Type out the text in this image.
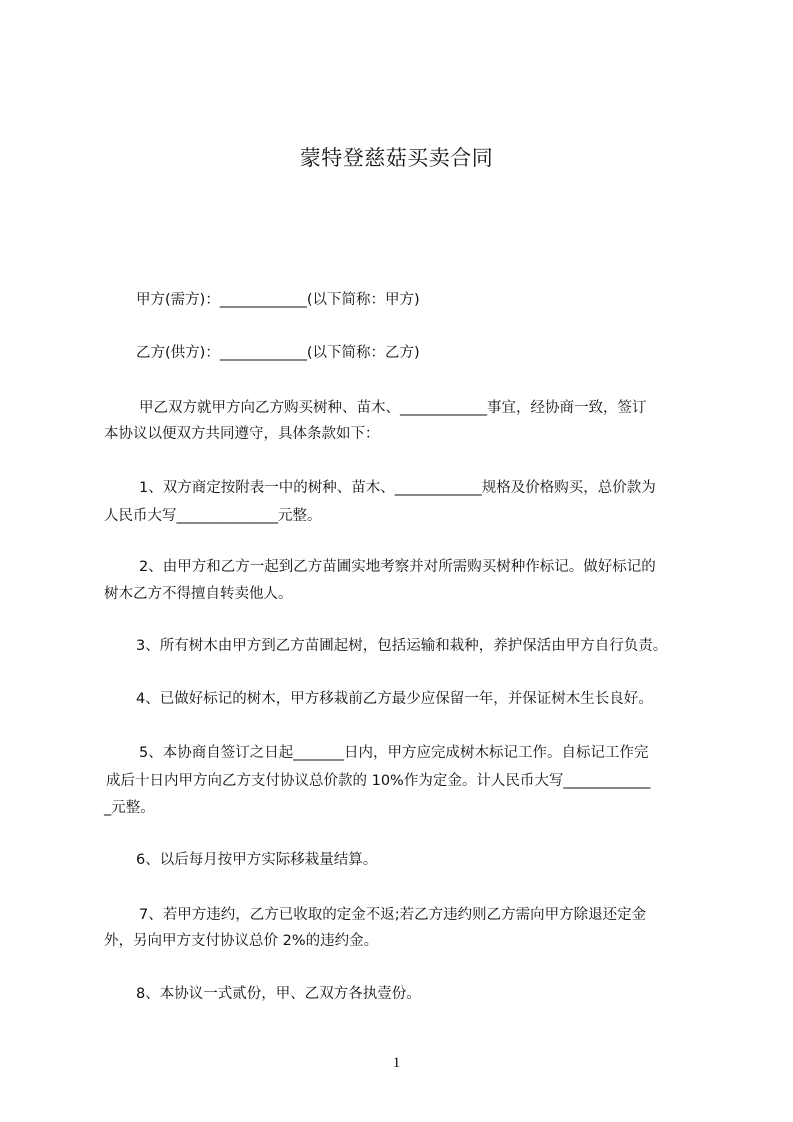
蒙特登慈菇买卖合同
甲方(需方)：____________(以下简称：甲方)
乙方(供方)：____________(以下简称：乙方)
甲乙双方就甲方向乙方购买树种、苗木、____________事宜，经协商一致，签订
本协议以便双方共同遵守，具体条款如下：
1、双方商定按附表一中的树种、苗木、____________规格及价格购买，总价款为
人民币大写______________元整。
2、由甲方和乙方一起到乙方苗圃实地考察并对所需购买树种作标记。做好标记的
树木乙方不得擅自转卖他人。
3、所有树木由甲方到乙方苗圃起树，包括运输和栽种，养护保活由甲方自行负责。
4、已做好标记的树木，甲方移栽前乙方最少应保留一年，并保证树木生长良好。
5、本协商自签订之日起_______日内，甲方应完成树木标记工作。自标记工作完
成后十日内甲方向乙方支付协议总价款的 10%作为定金。计人民币大写____________
_元整。
6、以后每月按甲方实际移栽量结算。
7、若甲方违约，乙方已收取的定金不返;若乙方违约则乙方需向甲方除退还定金
外，另向甲方支付协议总价 2%的违约金。
8、本协议一式贰份，甲、乙双方各执壹份。
1
